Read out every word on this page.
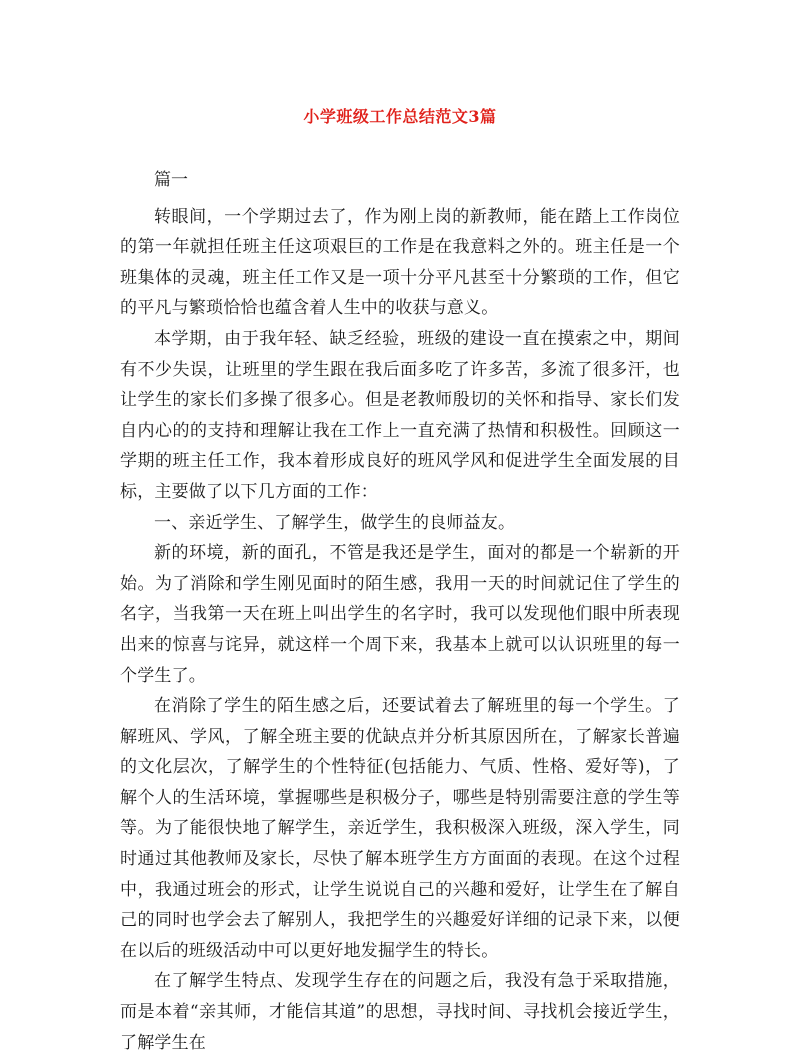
小学班级工作总结范文3篇

篇一

转眼间，一个学期过去了，作为刚上岗的新教师，能在踏上工作岗位的第一年就担任班主任这项艰巨的工作是在我意料之外的。班主任是一个班集体的灵魂，班主任工作又是一项十分平凡甚至十分繁琐的工作，但它的平凡与繁琐恰恰也蕴含着人生中的收获与意义。

本学期，由于我年轻、缺乏经验，班级的建设一直在摸索之中，期间有不少失误，让班里的学生跟在我后面多吃了许多苦，多流了很多汗，也让学生的家长们多操了很多心。但是老教师殷切的关怀和指导、家长们发自内心的的支持和理解让我在工作上一直充满了热情和积极性。回顾这一学期的班主任工作，我本着形成良好的班风学风和促进学生全面发展的目标，主要做了以下几方面的工作：

一、亲近学生、了解学生，做学生的良师益友。

新的环境，新的面孔，不管是我还是学生，面对的都是一个崭新的开始。为了消除和学生刚见面时的陌生感，我用一天的时间就记住了学生的名字，当我第一天在班上叫出学生的名字时，我可以发现他们眼中所表现出来的惊喜与诧异，就这样一个周下来，我基本上就可以认识班里的每一个学生了。

在消除了学生的陌生感之后，还要试着去了解班里的每一个学生。了解班风、学风，了解全班主要的优缺点并分析其原因所在，了解家长普遍的文化层次，了解学生的个性特征(包括能力、气质、性格、爱好等)，了解个人的生活环境，掌握哪些是积极分子，哪些是特别需要注意的学生等等。为了能很快地了解学生，亲近学生，我积极深入班级，深入学生，同时通过其他教师及家长，尽快了解本班学生方方面面的表现。在这个过程中，我通过班会的形式，让学生说说自己的兴趣和爱好，让学生在了解自己的同时也学会去了解别人，我把学生的兴趣爱好详细的记录下来，以便在以后的班级活动中可以更好地发掘学生的特长。

在了解学生特点、发现学生存在的问题之后，我没有急于采取措施，而是本着“亲其师，才能信其道”的思想，寻找时间、寻找机会接近学生，了解学生在
